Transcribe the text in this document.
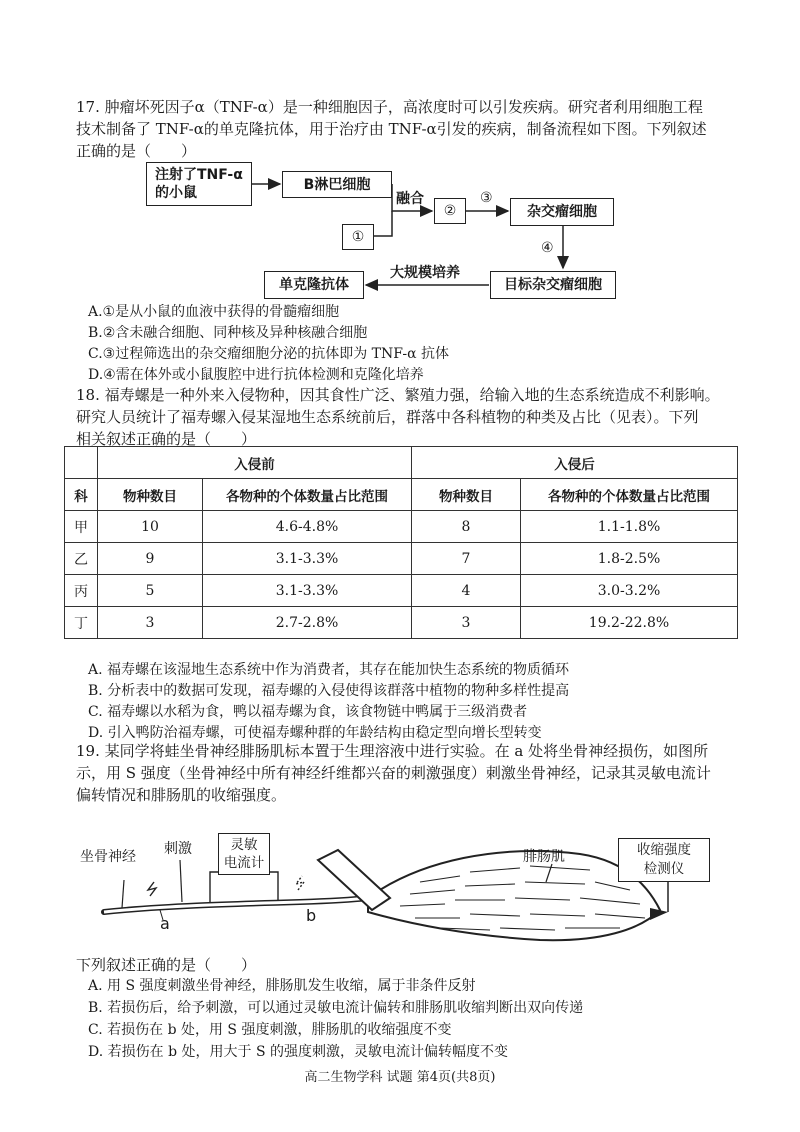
17. 肿瘤坏死因子α（TNF-α）是一种细胞因子，高浓度时可以引发疾病。研究者利用细胞工程
技术制备了 TNF-α的单克隆抗体，用于治疗由 TNF-α引发的疾病，制备流程如下图。下列叙述
正确的是（　　）
注射了TNF-α
的小鼠
B淋巴细胞
融合
①
②
③
杂交瘤细胞
④
目标杂交瘤细胞
大规模培养
单克隆抗体
A.①是从小鼠的血液中获得的骨髓瘤细胞
B.②含未融合细胞、同种核及异种核融合细胞
C.③过程筛选出的杂交瘤细胞分泌的抗体即为 TNF-α 抗体
D.④需在体外或小鼠腹腔中进行抗体检测和克隆化培养
18. 福寿螺是一种外来入侵物种，因其食性广泛、繁殖力强，给输入地的生态系统造成不利影响。
研究人员统计了福寿螺入侵某湿地生态系统前后，群落中各科植物的种类及占比（见表）。下列
相关叙述正确的是（　　）
	入侵前		入侵后	
科	物种数目	各物种的个体数量占比范围	物种数目	各物种的个体数量占比范围
甲	10	4.6-4.8%	8	1.1-1.8%
乙	9	3.1-3.3%	7	1.8-2.5%
丙	5	3.1-3.3%	4	3.0-3.2%
丁	3	2.7-2.8%	3	19.2-22.8%
A. 福寿螺在该湿地生态系统中作为消费者，其存在能加快生态系统的物质循环
B. 分析表中的数据可发现，福寿螺的入侵使得该群落中植物的物种多样性提高
C. 福寿螺以水稻为食，鸭以福寿螺为食，该食物链中鸭属于三级消费者
D. 引入鸭防治福寿螺，可使福寿螺种群的年龄结构由稳定型向增长型转变
19. 某同学将蛙坐骨神经腓肠肌标本置于生理溶液中进行实验。在 a 处将坐骨神经损伤，如图所
示，用 S 强度（坐骨神经中所有神经纤维都兴奋的刺激强度）刺激坐骨神经，记录其灵敏电流计
偏转情况和腓肠肌的收缩强度。
坐骨神经 刺激	灵敏
电流计	腓肠肌	收缩强度
检测仪
a	b
下列叙述正确的是（　　）
A. 用 S 强度刺激坐骨神经，腓肠肌发生收缩，属于非条件反射
B. 若损伤后，给予刺激，可以通过灵敏电流计偏转和腓肠肌收缩判断出双向传递
C. 若损伤在 b 处，用 S 强度刺激，腓肠肌的收缩强度不变
D. 若损伤在 b 处，用大于 S 的强度刺激，灵敏电流计偏转幅度不变
高二生物学科 试题 第4页(共8页)
